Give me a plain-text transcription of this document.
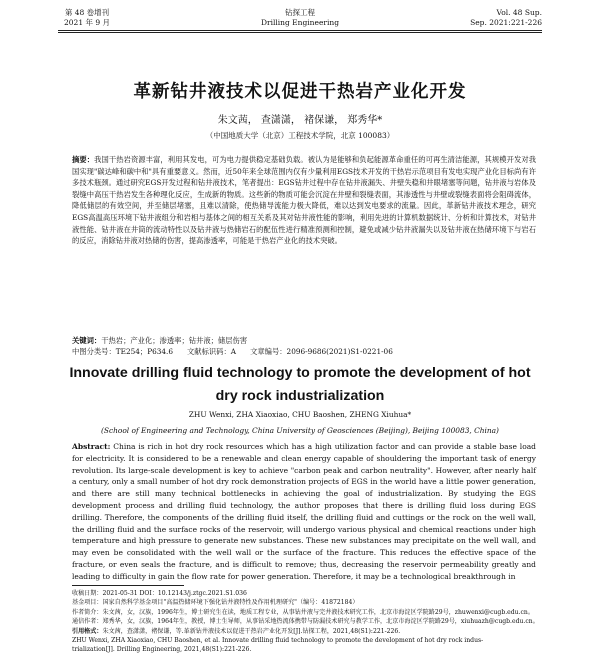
第 48 卷增刊
2021 年 9 月
钻探工程
Drilling Engineering
Vol. 48 Sup.
Sep. 2021:221-226
革新钻井液技术以促进干热岩产业化开发
朱文茜， 查潇潇， 褚保谦， 郑秀华*
（中国地质大学（北京）工程技术学院，北京 100083）
摘要：我国干热岩资源丰富，利用其发电，可为电力提供稳定基础负载。被认为是能够和负起能源革命重任的可再生清洁能源，其规模开发对我国实现"碳达峰和碳中和"具有重要意义。然而，近50年来全球范围内仅有少量利用EGS技术开发的干热岩示范项目有发电实现产业化目标尚有许多技术瓶颈。通过研究EGS开发过程和钻井液技术，笔者提出：EGS钻井过程中存在钻井液漏失、井壁失稳和井眼堵塞等问题，钻井液与岩体及裂缝中高压干热岩发生各种理化反应，生成新的物质。这些新的物质可能会沉淀在井壁和裂缝表面，其渗透性与井壁或裂缝表面将会阻碍流体，降低储层的有效空间，并至储层堵塞，且难以清除，使热储导流能力极大降低，难以达到发电要求的流量。因此，革新钻井液技术理念，研究EGS高温高压环境下钻井液组分和岩相与基体之间的相互关系及其对钻井液性能的影响，利用先进的计算机数据统计、分析和计算技术，对钻井液性能、钻井液在井筒的流动特性以及钻井液与热储岩石的配伍性进行精准预测和控制，避免或减少钻井液漏失以及钻井液在热储环境下与岩石的反应，消除钻井液对热储的伤害，提高渗透率，可能是干热岩产业化的技术突破。
关键词：干热岩；产业化；渗透率；钻井液；储层伤害
中图分类号：TE254；P634.6 文献标识码：A 文章编号：2096-9686(2021)S1-0221-06
Innovate drilling fluid technology to promote the development of hot dry rock industrialization
ZHU Wenxi, ZHA Xiaoxiao, CHU Baoshen, ZHENG Xiuhua*
(School of Engineering and Technology, China University of Geosciences (Beijing), Beijing 100083, China)
Abstract: China is rich in hot dry rock resources which has a high utilization factor and can provide a stable base load for electricity. It is considered to be a renewable and clean energy capable of shouldering the important task of energy revolution. Its large-scale development is key to achieve "carbon peak and carbon neutrality". However, after nearly half a century, only a small number of hot dry rock demonstration projects of EGS in the world have a little power generation, and there are still many technical bottlenecks in achieving the goal of industrialization. By studying the EGS development process and drilling fluid technology, the author proposes that there is drilling fluid loss during EGS drilling. Therefore, the components of the drilling fluid itself, the drilling fluid and cuttings or the rock on the well wall, the drilling fluid and the surface rocks of the reservoir, will undergo various physical and chemical reactions under high temperature and high pressure to generate new substances. These new substances may precipitate on the well wall, and may even be consolidated with the well wall or the surface of the fracture. This reduces the effective space of the fracture, or even seals the fracture, and is difficult to remove; thus, decreasing the reservoir permeability greatly and leading to difficulty in gain the flow rate for power generation. Therefore, it may be a technological breakthrough in

收稿日期：2021-05-31 DOI：10.12143/j.ztgc.2021.S1.036

基金项目：国家自然科学基金项目"高温热储环境下强化钻井液特性及作用机理研究"（编号：41872184）

作者简介：朱文茜，女，汉族，1996年生，博士研究生在读，地质工程专业，从事钻井液与完井液技术研究工作，北京市海淀区学院路29号，zhuwenxi@cugb.edu.cn。

通信作者：郑秀华，女，汉族，1964年生，教授，博士生导师，从事钻采地热流体携带与防漏技术研究与教学工作，北京市海淀区学院路29号，xiuhuazh@cugb.edu.cn。

引用格式：朱文茜，查潇潇，褚保谦，等.革新钻井液技术以促进干热岩产业化开发[J].钻探工程，2021,48(S1):221-226.

ZHU Wenxi, ZHA Xiaoxiao, CHU Baoshen, et al. Innovate drilling fluid technology to promote the development of hot dry rock indus-

trialization[J]. Drilling Engineering, 2021,48(S1):221-226.
